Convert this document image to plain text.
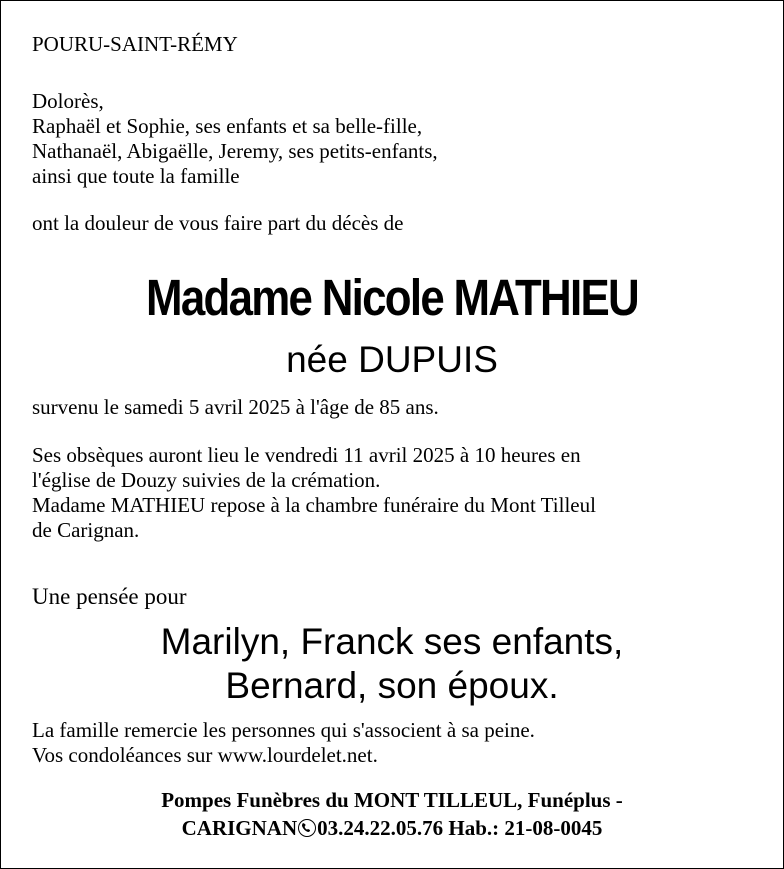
POURU-SAINT-RÉMY
Dolorès,
Raphaël et Sophie, ses enfants et sa belle-fille,
Nathanaël, Abigaëlle, Jeremy, ses petits-enfants,
ainsi que toute la famille
ont la douleur de vous faire part du décès de
Madame Nicole MATHIEU
née DUPUIS
survenu le samedi 5 avril 2025 à l'âge de 85 ans.
Ses obsèques auront lieu le vendredi 11 avril 2025 à 10 heures en
l'église de Douzy suivies de la crémation.
Madame MATHIEU repose à la chambre funéraire du Mont Tilleul
de Carignan.
Une pensée pour
Marilyn, Franck ses enfants,
Bernard, son époux.
La famille remercie les personnes qui s'associent à sa peine.
Vos condoléances sur www.lourdelet.net.
Pompes Funèbres du MONT TILLEUL, Funéplus -
CARIGNAN 03.24.22.05.76 Hab.: 21-08-0045
